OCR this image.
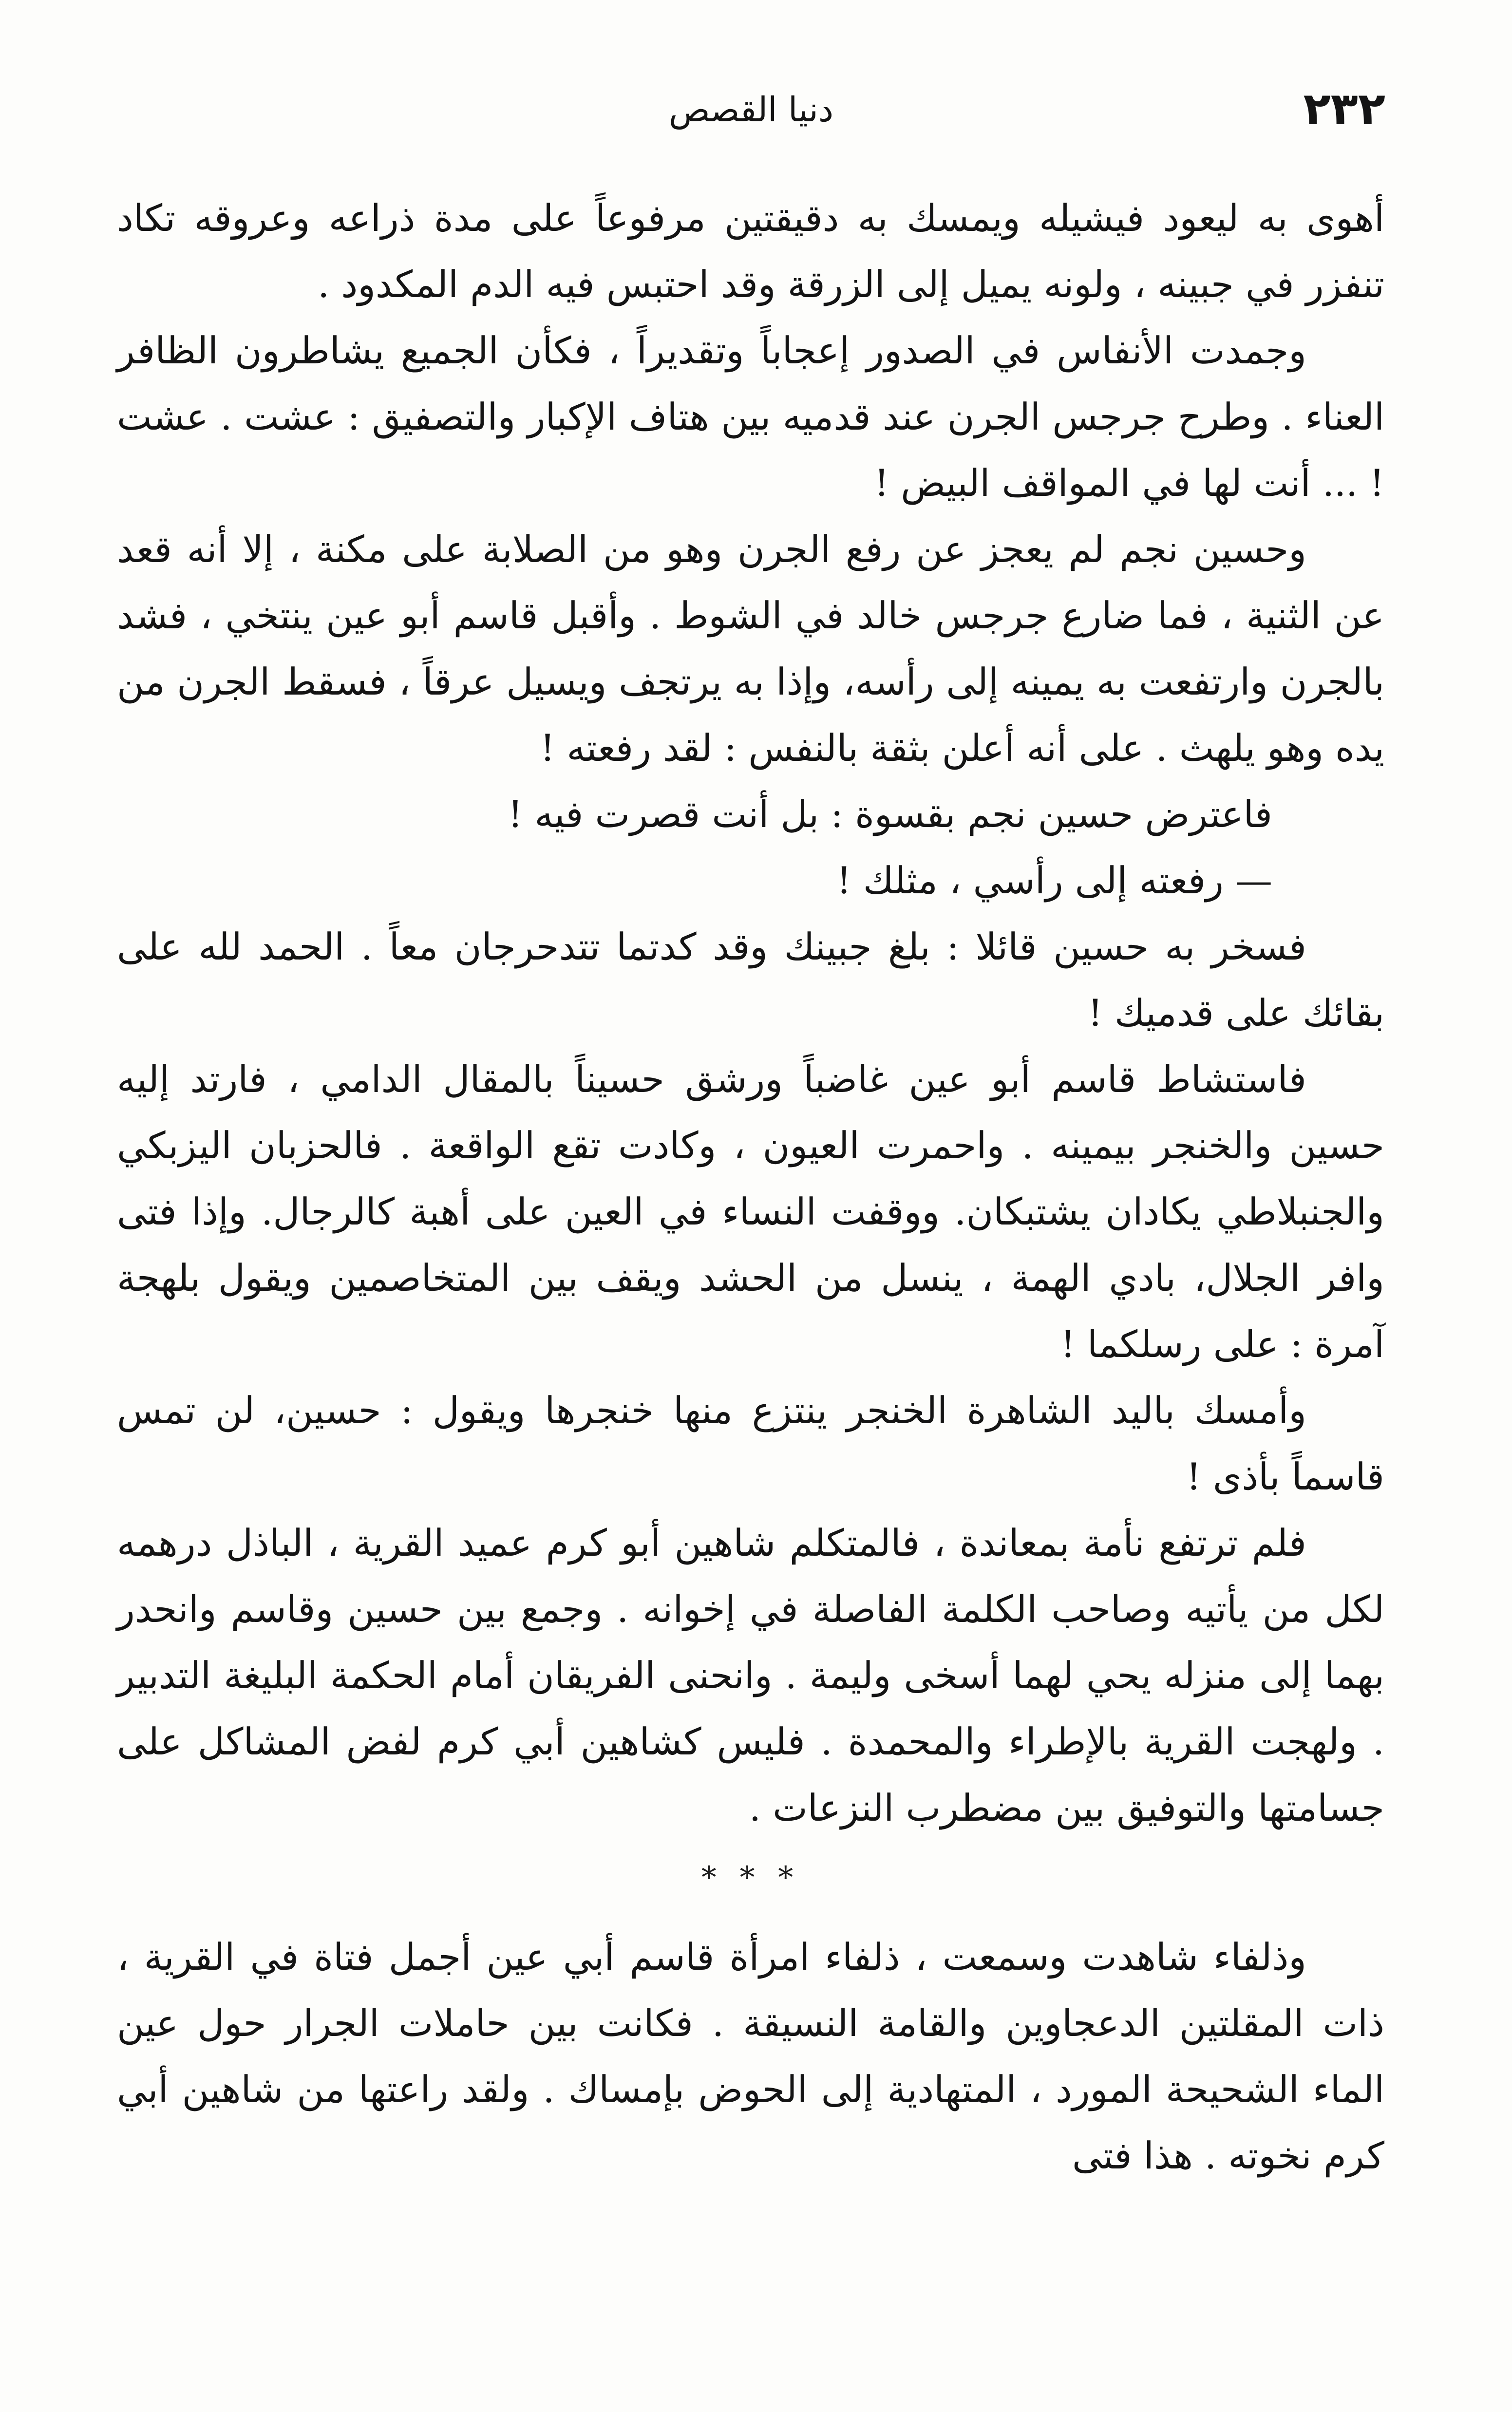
٢٣٢
دنيا القصص

أهوى به ليعود فيشيله ويمسك به دقيقتين مرفوعاً على مدة ذراعه وعروقه تكاد تنفزر في جبينه ، ولونه يميل إلى الزرقة وقد احتبس فيه الدم المكدود .

وجمدت الأنفاس في الصدور إعجاباً وتقديراً ، فكأن الجميع يشاطرون الظافر العناء . وطرح جرجس الجرن عند قدميه بين هتاف الإكبار والتصفيق : عشت . عشت ! ... أنت لها في المواقف البيض !

وحسين نجم لم يعجز عن رفع الجرن وهو من الصلابة على مكنة ، إلا أنه قعد عن الثنية ، فما ضارع جرجس خالد في الشوط . وأقبل قاسم أبو عين ينتخي ، فشد بالجرن وارتفعت به يمينه إلى رأسه، وإذا به يرتجف ويسيل عرقاً ، فسقط الجرن من يده وهو يلهث . على أنه أعلن بثقة بالنفس : لقد رفعته !

فاعترض حسين نجم بقسوة : بل أنت قصرت فيه !

— رفعته إلى رأسي ، مثلك !

فسخر به حسين قائلا : بلغ جبينك وقد كدتما تتدحرجان معاً . الحمد لله على بقائك على قدميك !

فاستشاط قاسم أبو عين غاضباً ورشق حسيناً بالمقال الدامي ، فارتد إليه حسين والخنجر بيمينه . واحمرت العيون ، وكادت تقع الواقعة . فالحزبان اليزبكي والجنبلاطي يكادان يشتبكان. ووقفت النساء في العين على أهبة كالرجال. وإذا فتى وافر الجلال، بادي الهمة ، ينسل من الحشد ويقف بين المتخاصمين ويقول بلهجة آمرة : على رسلكما !

وأمسك باليد الشاهرة الخنجر ينتزع منها خنجرها ويقول : حسين، لن تمس قاسماً بأذى !

فلم ترتفع نأمة بمعاندة ، فالمتكلم شاهين أبو كرم عميد القرية ، الباذل درهمه لكل من يأتيه وصاحب الكلمة الفاصلة في إخوانه . وجمع بين حسين وقاسم وانحدر بهما إلى منزله يحي لهما أسخى وليمة . وانحنى الفريقان أمام الحكمة البليغة التدبير . ولهجت القرية بالإطراء والمحمدة . فليس كشاهين أبي كرم لفض المشاكل على جسامتها والتوفيق بين مضطرب النزعات .

* * *

وذلفاء شاهدت وسمعت ، ذلفاء امرأة قاسم أبي عين أجمل فتاة في القرية ، ذات المقلتين الدعجاوين والقامة النسيقة . فكانت بين حاملات الجرار حول عين الماء الشحيحة المورد ، المتهادية إلى الحوض بإمساك . ولقد راعتها من شاهين أبي كرم نخوته . هذا فتى
